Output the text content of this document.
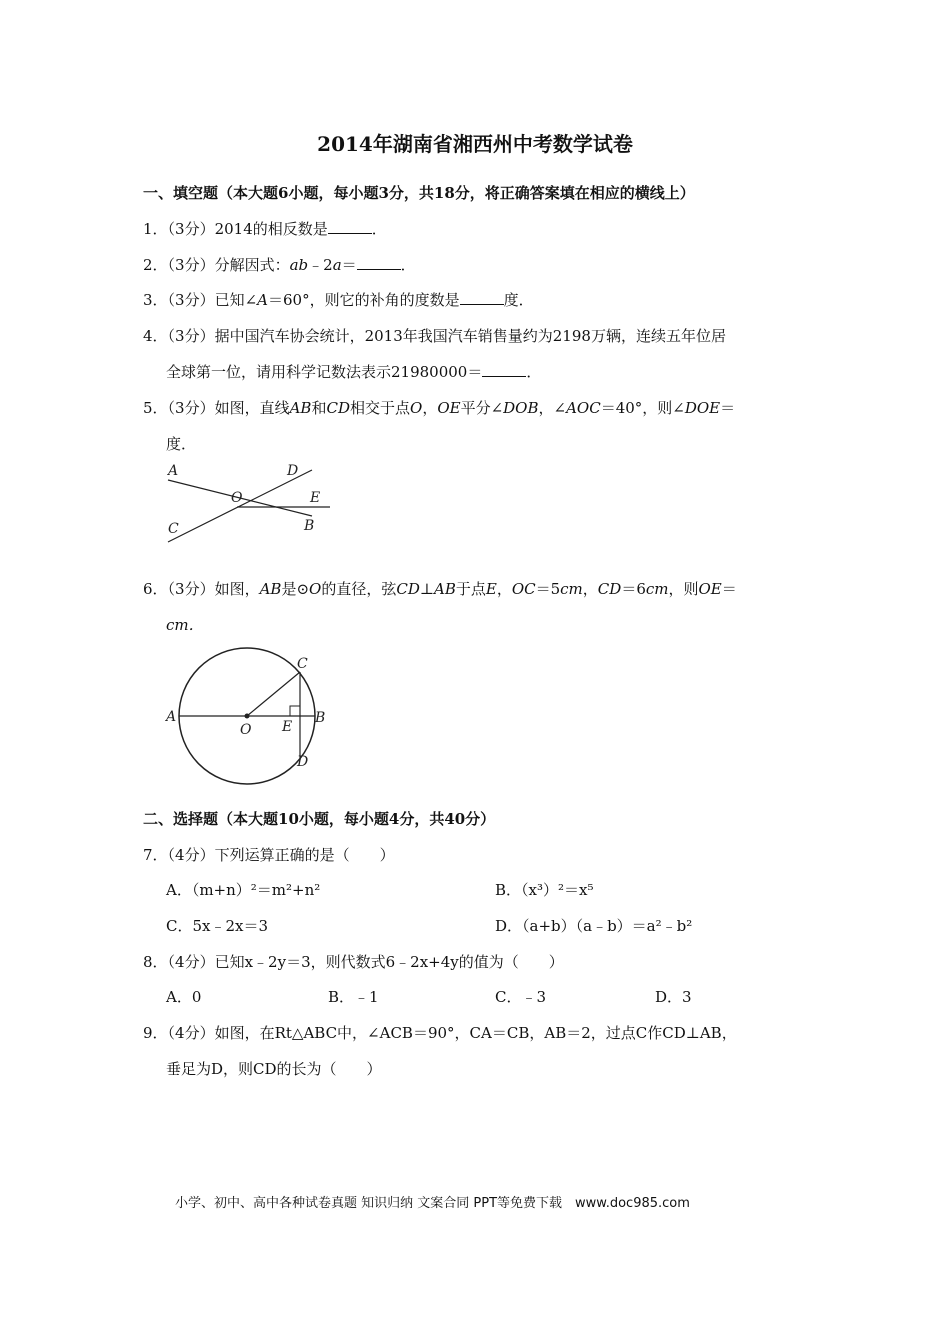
2014年湖南省湘西州中考数学试卷
一、填空题（本大题6小题，每小题3分，共18分，将正确答案填在相应的横线上）
1．（3分）2014的相反数是	．
2．（3分）分解因式：ab﹣2a＝	．
3．（3分）已知∠A＝60°，则它的补角的度数是	度．
4．（3分）据中国汽车协会统计，2013年我国汽车销售量约为2198万辆，连续五年位居
全球第一位，请用科学记数法表示21980000＝	．
5．（3分）如图，直线AB和CD相交于点O，OE平分∠DOB，∠AOC＝40°，则∠DOE＝
度．
A	D
O	E
C	B
6．（3分）如图，AB是⊙O的直径，弦CD⊥AB于点E，OC＝5cm，CD＝6cm，则OE＝
cm．
A
O E
B
C
D
二、选择题（本大题10小题，每小题4分，共40分）
7．（4分）下列运算正确的是（　　）
A．（m+n）²＝m²+n²	B．（x³）²＝x⁵
C．5x﹣2x＝3	D．（a+b）（a﹣b）＝a²﹣b²
8．（4分）已知x﹣2y＝3，则代数式6﹣2x+4y的值为（　　）
A．0	B．﹣1	C．﹣3	D．3
9．（4分）如图，在Rt△ABC中，∠ACB＝90°，CA＝CB，AB＝2，过点C作CD⊥AB，
垂足为D，则CD的长为（　　）
小学、初中、高中各种试卷真题 知识归纳 文案合同 PPT等免费下载　www.doc985.com
